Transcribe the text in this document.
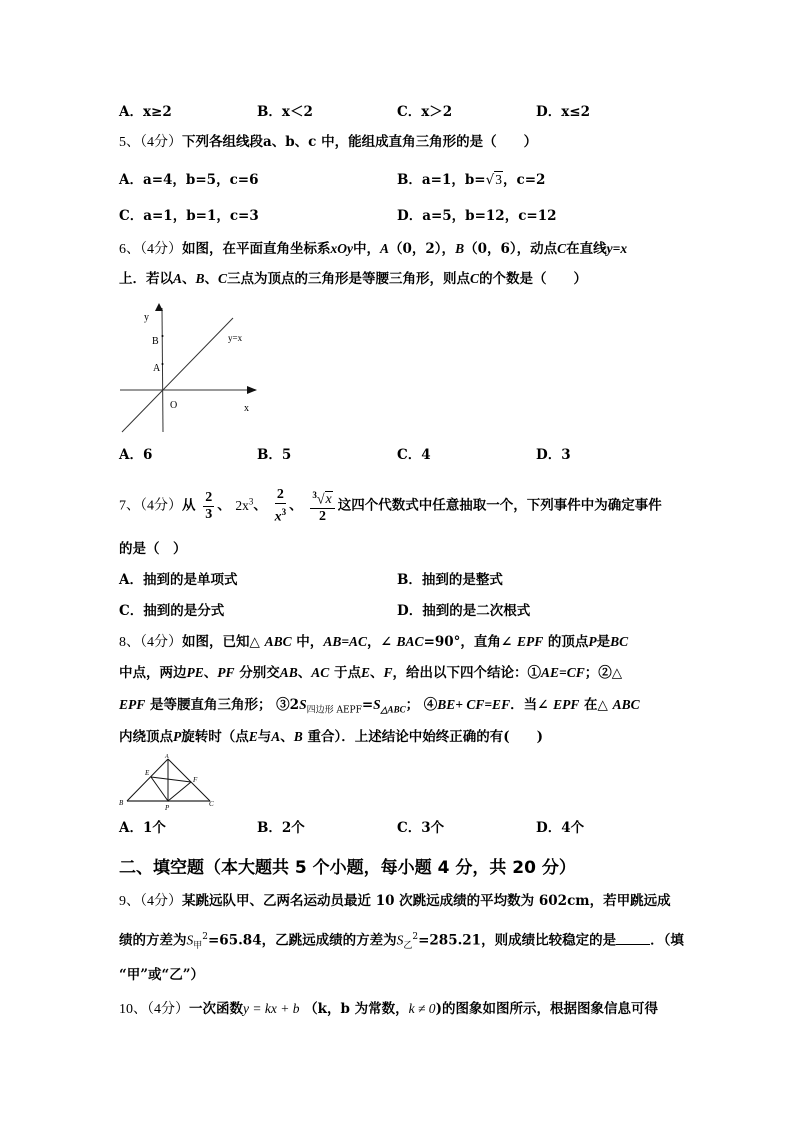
A．x≥2	B．x＜2	C．x＞2	D．x≤2
5、（4分）下列各组线段a、b、c 中，能组成直角三角形的是（　　）
A．a=4，b=5，c=6	B．a=1，b=√3，c=2
C．a=1，b=1，c=3	D．a=5，b=12，c=12
6、（4分）如图，在平面直角坐标系xOy中，A（0，2），B（0，6），动点C在直线y=x
上．若以A、B、C三点为顶点的三角形是等腰三角形，则点C的个数是（　　）
y
B
A
O	x
y=x
A．6	B．5	C．4	D．3
7、（4分）从 $\frac{2}{3}$ 、 $2x^3$、 $\frac{2}{x^3}$ 、 $\frac{^3√x}{2}$ 这四个代数式中任意抽取一个，下列事件中为确定事件
的是（　）
A．抽到的是单项式	B．抽到的是整式
C．抽到的是分式	D．抽到的是二次根式
8、（4分）如图，已知△ ABC 中，AB=AC，∠ BAC=90°，直角∠ EPF 的顶点P是BC
中点，两边PE、PF 分别交AB、AC 于点E、F，给出以下四个结论：①AE=CF；②△
EPF 是等腰直角三角形； $③2S_{四边形 AEPF}=S_{\triangle ABC}$； ④BE+ CF=EF．当∠ EPF 在△ ABC
内绕顶点P旋转时（点E与A、B 重合）．上述结论中始终正确的有(　　)
A
E
F
B
P	C
A．1个	B．2个	C．3个	D．4个
二、填空题（本大题共 5 个小题，每小题 4 分，共 20 分）
9、（4分）某跳远队甲、乙两名运动员最近 10 次跳远成绩的平均数为 602cm，若甲跳远成
绩的方差为$S_甲^2=65.84$，乙跳远成绩的方差为$S_乙^2=285.21$，则成绩比较稳定的是	．（填
“甲”或“乙”）
10、（4分）一次函数y = kx + b （k，b 为常数，k ≠ 0)的图象如图所示，根据图象信息可得
